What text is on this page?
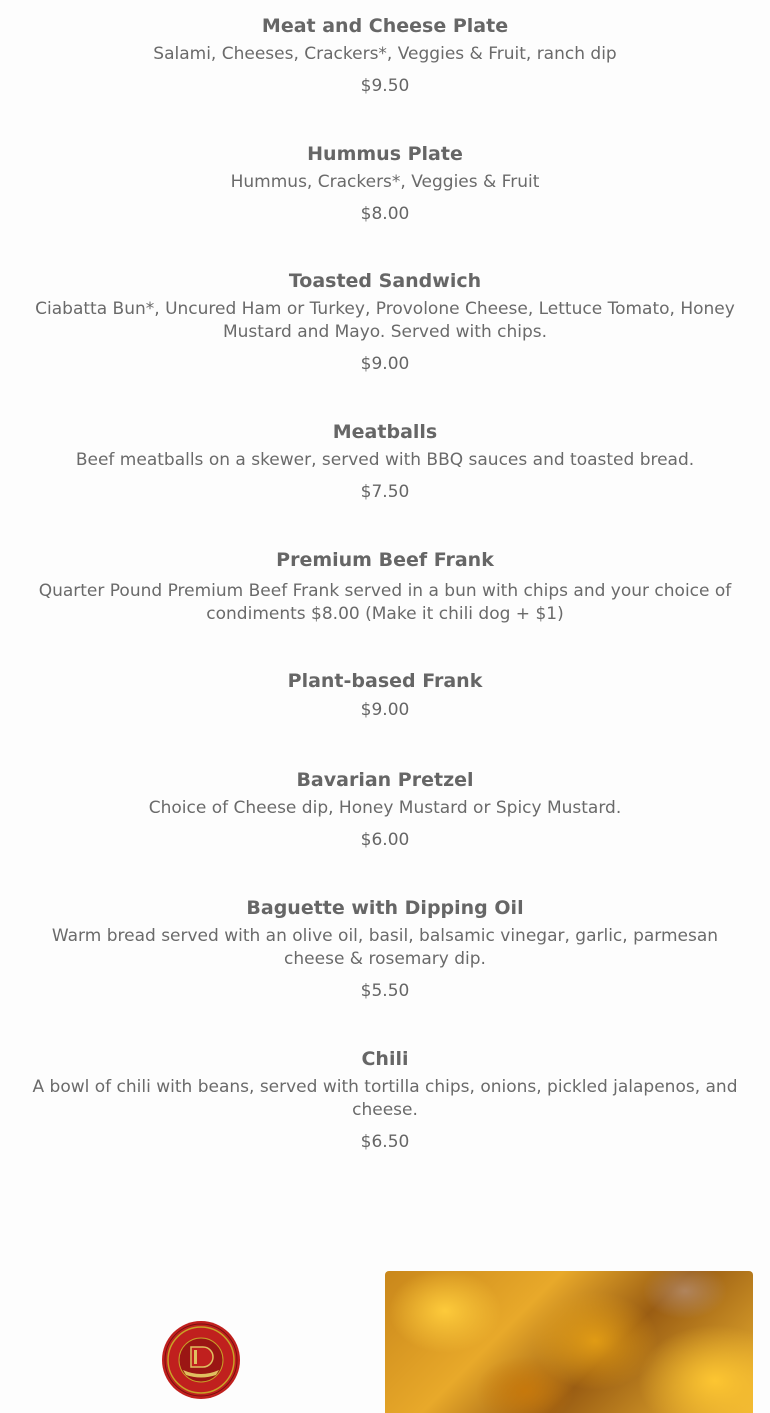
Meat and Cheese Plate
Salami, Cheeses, Crackers*, Veggies & Fruit, ranch dip
$9.50
Hummus Plate
Hummus, Crackers*, Veggies & Fruit
$8.00
Toasted Sandwich
Ciabatta Bun*, Uncured Ham or Turkey, Provolone Cheese, Lettuce Tomato, Honey Mustard and Mayo. Served with chips.
$9.00
Meatballs
Beef meatballs on a skewer, served with BBQ sauces and toasted bread.
$7.50
Premium Beef Frank
Quarter Pound Premium Beef Frank served in a bun with chips and your choice of condiments $8.00 (Make it chili dog + $1)
Plant-based Frank
$9.00
Bavarian Pretzel
Choice of Cheese dip, Honey Mustard or Spicy Mustard.
$6.00
Baguette with Dipping Oil
Warm bread served with an olive oil, basil, balsamic vinegar, garlic, parmesan cheese & rosemary dip.
$5.50
Chili
A bowl of chili with beans, served with tortilla chips, onions, pickled jalapenos, and cheese.
$6.50
